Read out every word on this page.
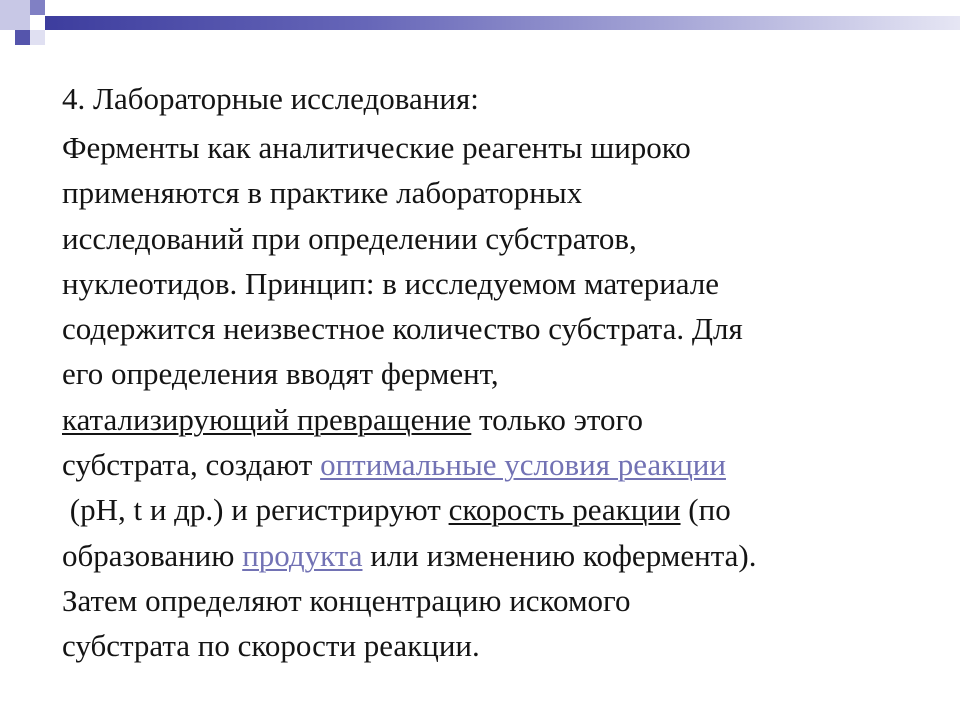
4. Лабораторные исследования:
Ферменты как аналитические реагенты широко
применяются в практике лабораторных
исследований при определении субстратов,
нуклеотидов. Принцип: в исследуемом материале
содержится неизвестное количество субстрата. Для
его определения вводят фермент,
катализирующий превращение только этого
субстрата, создают оптимальные условия реакции
(pH, t и др.) и регистрируют скорость реакции (по
образованию продукта или изменению кофермента).
Затем определяют концентрацию искомого
субстрата по скорости реакции.
